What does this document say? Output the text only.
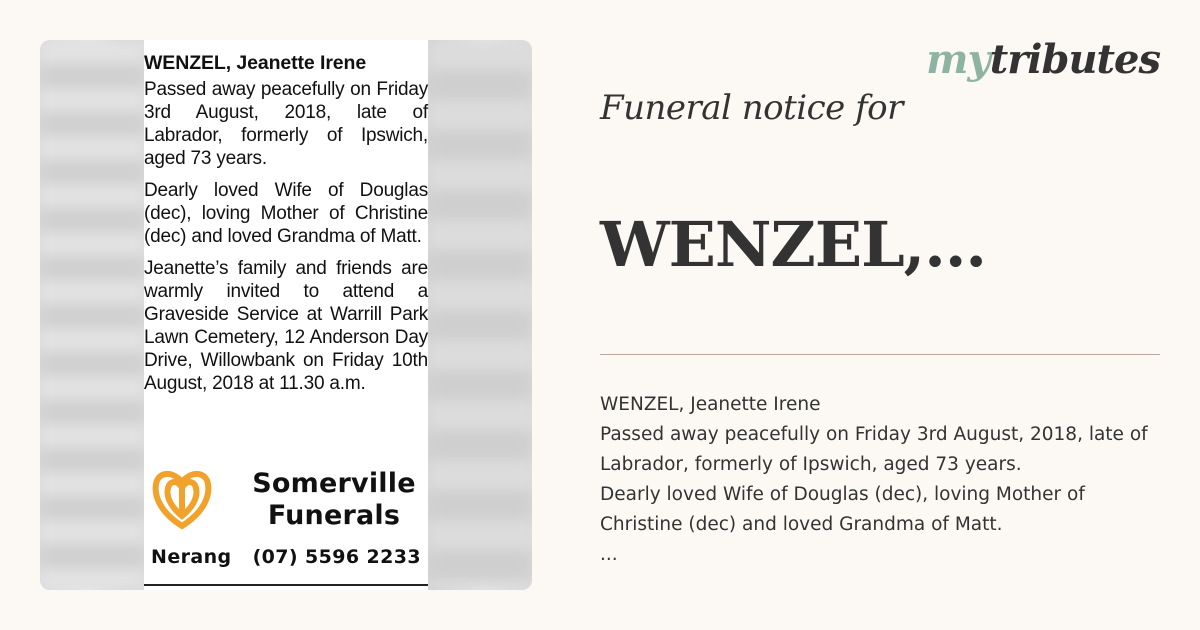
WENZEL, Jeanette Irene

Passed away peacefully on Friday 3rd August, 2018, late of Labrador, formerly of Ipswich, aged 73 years.

Dearly loved Wife of Douglas (dec), loving Mother of Christine (dec) and loved Grandma of Matt.

Jeanette’s family and friends are warmly invited to attend a Graveside Service at Warrill Park Lawn Cemetery, 12 Anderson Day Drive, Willowbank on Friday 10th August, 2018 at 11.30 a.m.

Somerville
Funerals
Nerang   (07) 5596 2233
mytributes
Funeral notice for
WENZEL,...
WENZEL, Jeanette Irene
Passed away peacefully on Friday 3rd August, 2018, late of Labrador, formerly of Ipswich, aged 73 years.
Dearly loved Wife of Douglas (dec), loving Mother of Christine (dec) and loved Grandma of Matt.
...
